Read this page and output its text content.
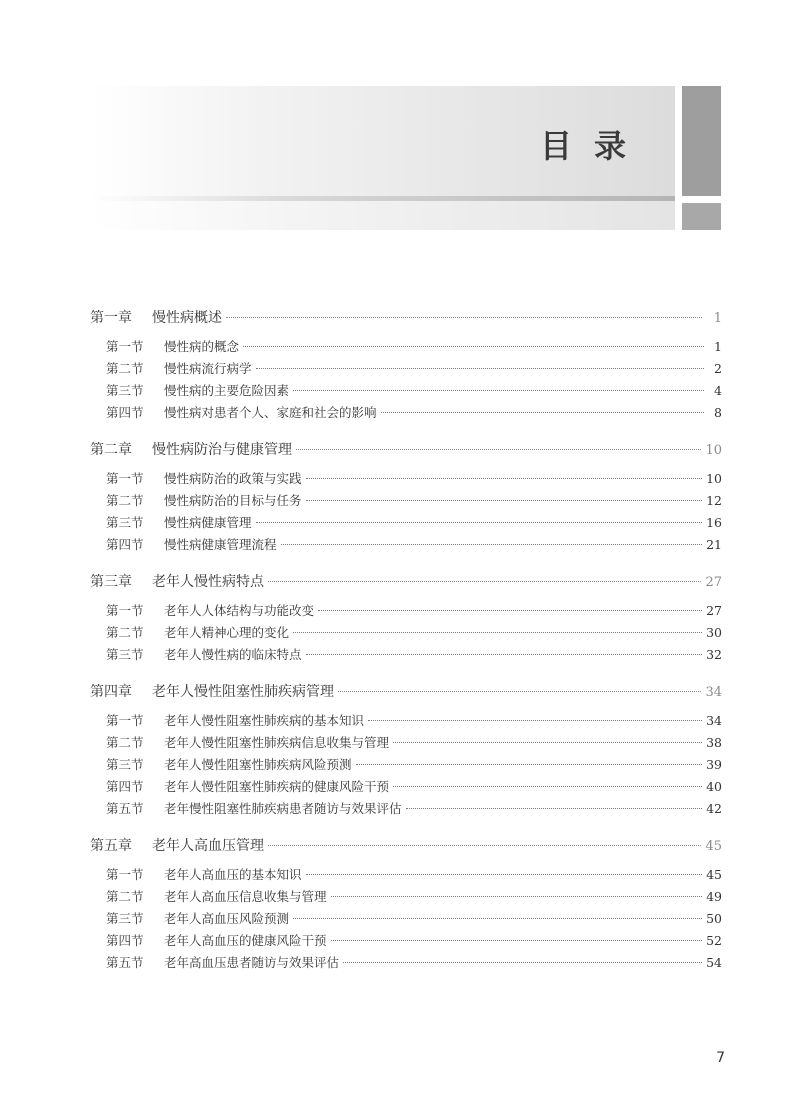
目录
第一章	慢性病概述	1
第一节	慢性病的概念	1
第二节	慢性病流行病学	2
第三节	慢性病的主要危险因素	4
第四节	慢性病对患者个人、家庭和社会的影响	8
第二章	慢性病防治与健康管理	10
第一节	慢性病防治的政策与实践	10
第二节	慢性病防治的目标与任务	12
第三节	慢性病健康管理	16
第四节	慢性病健康管理流程	21
第三章	老年人慢性病特点	27
第一节	老年人人体结构与功能改变	27
第二节	老年人精神心理的变化	30
第三节	老年人慢性病的临床特点	32
第四章	老年人慢性阻塞性肺疾病管理	34
第一节	老年人慢性阻塞性肺疾病的基本知识	34
第二节	老年人慢性阻塞性肺疾病信息收集与管理	38
第三节	老年人慢性阻塞性肺疾病风险预测	39
第四节	老年人慢性阻塞性肺疾病的健康风险干预	40
第五节	老年慢性阻塞性肺疾病患者随访与效果评估	42
第五章	老年人高血压管理	45
第一节	老年人高血压的基本知识	45
第二节	老年人高血压信息收集与管理	49
第三节	老年人高血压风险预测	50
第四节	老年人高血压的健康风险干预	52
第五节	老年高血压患者随访与效果评估	54
7
